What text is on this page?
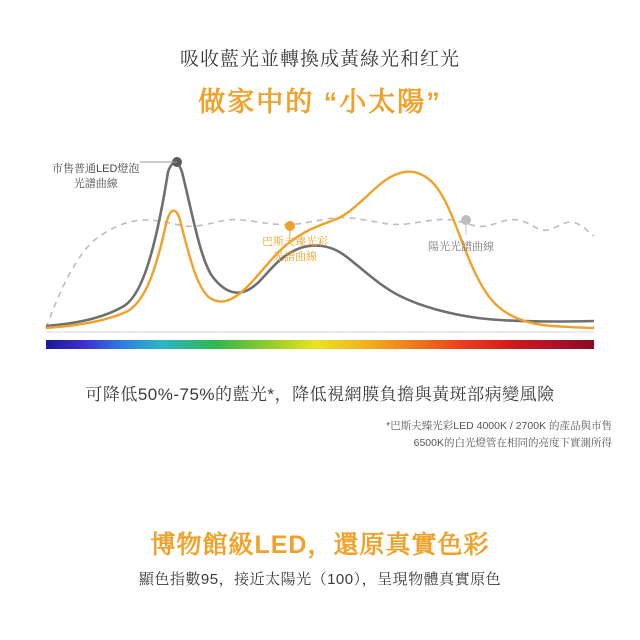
吸收藍光並轉換成黃綠光和红光
做家中的 “小太陽”
市售普通LED燈泡
光譜曲線
巴斯夫臻光彩
光譜曲線
陽光光譜曲線
可降低50%-75%的藍光*，降低視網膜負擔與黃斑部病變風險
*巴斯夫臻光彩LED 4000K / 2700K 的產品與市售
6500K的白光燈管在相同的亮度下實測所得
博物館級LED，還原真實色彩
顯色指數95，接近太陽光（100），呈現物體真實原色
